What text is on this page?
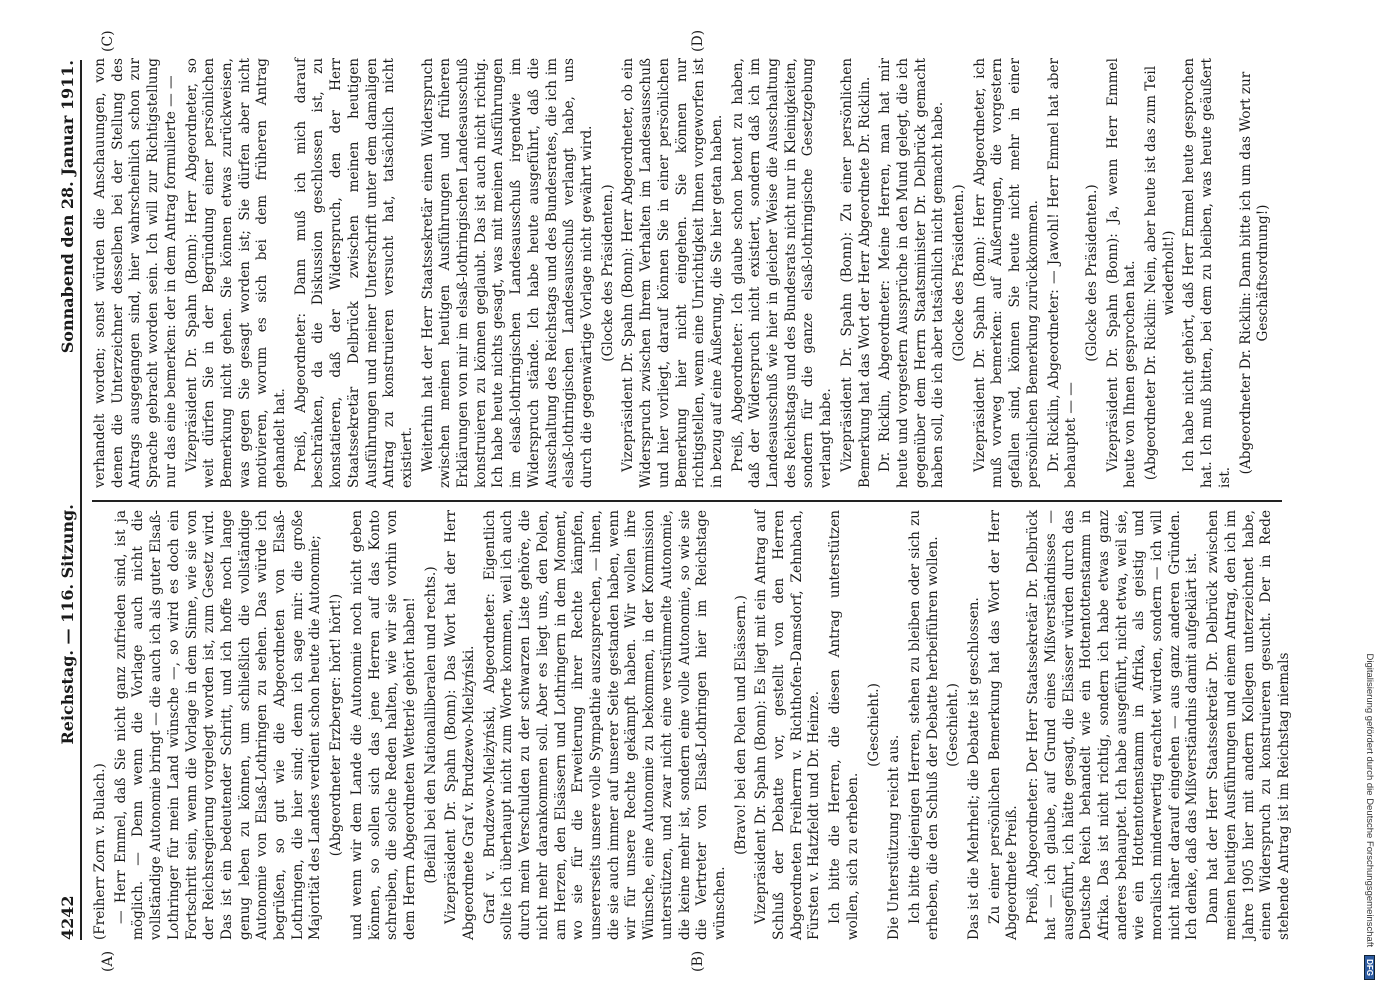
4242
Reichstag. — 116. Sitzung.
Sonnabend den 28. Januar 1911.
(A)	(B)
(C)	(D)

(Freiherr Zorn v. Bulach.) — Herr Emmel, daß Sie nicht ganz zufrieden sind, ist ja möglich. — Denn wenn die Vorlage auch nicht die vollständige Autonomie bringt — die auch ich als guter Elsaß-Lothringer für mein Land wünsche —, so wird es doch ein Fortschritt sein, wenn die Vorlage in dem Sinne, wie sie von der Reichsregierung vorgelegt worden ist, zum Gesetz wird. Das ist ein bedeutender Schritt, und ich hoffe noch lange genug leben zu können, um schließlich die vollständige Autonomie von Elsaß-Lothringen zu sehen. Das würde ich begrüßen, so gut wie die Abgeordneten von Elsaß-Lothringen, die hier sind; denn ich sage mir: die große Majorität des Landes verdient schon heute die Autonomie; (Abgeordneter Erzberger: hört! hört!) und wenn wir dem Lande die Autonomie noch nicht geben können, so sollen sich das jene Herren auf das Konto schreiben, die solche Reden halten, wie wir sie vorhin von dem Herrn Abgeordneten Wetterlé gehört haben! (Beifall bei den Nationalliberalen und rechts.) Vizepräsident Dr. Spahn (Bonn): Das Wort hat der Herr Abgeordnete Graf v. Brudzewo-Mielżyński. Graf v. Brudzewo-Mielżyński, Abgeordneter: Eigentlich sollte ich überhaupt nicht zum Worte kommen, weil ich auch durch mein Verschulden zu der schwarzen Liste gehöre, die nicht mehr darankommen soll. Aber es liegt uns, den Polen, am Herzen, den Elsässern und Lothringern in dem Moment, wo sie für die Erweiterung ihrer Rechte kämpfen, unsererseits unsere volle Sympathie auszusprechen, — ihnen, die sie auch immer auf unserer Seite gestanden haben, wenn wir für unsere Rechte gekämpft haben. Wir wollen ihre Wünsche, eine Autonomie zu bekommen, in der Kommission unterstützen, und zwar nicht eine verstümmelte Autonomie, die keine mehr ist, sondern eine volle Autonomie, so wie sie die Vertreter von Elsaß-Lothringen hier im Reichstage wünschen.

(Bravo! bei den Polen und Elsässern.) Vizepräsident Dr. Spahn (Bonn): Es liegt mit ein Antrag auf Schluß der Debatte vor, gestellt von den Herren Abgeordneten Freiherrn v. Richthofen-Damsdorf, Zehnbach, Fürsten v. Hatzfeldt und Dr. Heinze. Ich bitte die Herren, die diesen Antrag unterstützen wollen, sich zu erheben.

(Geschieht.)

Die Unterstützung reicht aus. Ich bitte diejenigen Herren, stehen zu bleiben oder sich zu erheben, die den Schluß der Debatte herbeiführen wollen. (Geschieht.) Das ist die Mehrheit; die Debatte ist geschlossen. Zu einer persönlichen Bemerkung hat das Wort der Herr Abgeordnete Preiß. Preiß, Abgeordneter: Der Herr Staatssekretär Dr. Delbrück hat — ich glaube, auf Grund eines Mißverständnisses — ausgeführt, ich hätte gesagt, die Elsässer würden durch das Deutsche Reich behandelt wie ein Hottentottenstamm in Afrika. Das ist nicht richtig, sondern ich habe etwas ganz anderes behauptet. Ich habe ausgeführt, nicht etwa, weil sie, wie ein Hottentottenstamm in Afrika, als geistig und moralisch minderwertig erachtet würden, sondern — ich will nicht näher darauf eingehen — aus ganz anderen Gründen. Ich denke, daß das Mißverständnis damit aufgeklärt ist. Dann hat der Herr Staatssekretär Dr. Delbrück zwischen meinen heutigen Ausführungen und einem Antrag, den ich im Jahre 1905 hier mit andern Kollegen unterzeichnet habe, einen Widerspruch zu konstruieren gesucht. Der in Rede stehende Antrag ist im Reichstag niemals

verhandelt worden; sonst würden die Anschauungen, von denen die Unterzeichner desselben bei der Stellung des Antrags ausgegangen sind, hier wahrscheinlich schon zur Sprache gebracht worden sein. Ich will zur Richtigstellung nur das eine bemerken: der in dem Antrag formulierte — — Vizepräsident Dr. Spahn (Bonn): Herr Abgeordneter, so weit dürfen Sie in der Begründung einer persönlichen Bemerkung nicht gehen. Sie können etwas zurückweisen, was gegen Sie gesagt worden ist; Sie dürfen aber nicht motivieren, worum es sich bei dem früheren Antrag gehandelt hat. Preiß, Abgeordneter: Dann muß ich mich darauf beschränken, da die Diskussion geschlossen ist, zu konstatieren, daß der Widerspruch, den der Herr Staatssekretär Delbrück zwischen meinen heutigen Ausführungen und meiner Unterschrift unter dem damaligen Antrag zu konstruieren versucht hat, tatsächlich nicht existiert. Weiterhin hat der Herr Staatssekretär einen Widerspruch zwischen meinen heutigen Ausführungen und früheren Erklärungen von mir im elsaß-lothringischen Landesausschuß konstruieren zu können geglaubt. Das ist auch nicht richtig. Ich habe heute nichts gesagt, was mit meinen Ausführungen im elsaß-lothringischen Landesausschuß irgendwie im Widerspruch stände. Ich habe heute ausgeführt, daß die Ausschaltung des Reichstags und des Bundesrates, die ich im elsaß-lothringischen Landesausschuß verlangt habe, uns durch die gegenwärtige Vorlage nicht gewährt wird. (Glocke des Präsidenten.) Vizepräsident Dr. Spahn (Bonn): Herr Abgeordneter, ob ein Widerspruch zwischen Ihrem Verhalten im Landesausschuß und hier vorliegt, darauf können Sie in einer persönlichen Bemerkung hier nicht eingehen. Sie können nur richtigstellen, wenn eine Unrichtigkeit Ihnen vorgeworfen ist in bezug auf eine Äußerung, die Sie hier getan haben. Preiß, Abgeordneter: Ich glaube schon betont zu haben, daß der Widerspruch nicht existiert, sondern daß ich im Landesausschuß wie hier in gleicher Weise die Ausschaltung des Reichstags und des Bundesrats nicht nur in Kleinigkeiten, sondern für die ganze elsaß-lothringische Gesetzgebung verlangt habe. Vizepräsident Dr. Spahn (Bonn): Zu einer persönlichen Bemerkung hat das Wort der Herr Abgeordnete Dr. Ricklin. Dr. Ricklin, Abgeordneter: Meine Herren, man hat mir heute und vorgestern Aussprüche in den Mund gelegt, die ich gegenüber dem Herrn Staatsminister Dr. Delbrück gemacht haben soll, die ich aber tatsächlich nicht gemacht habe. (Glocke des Präsidenten.) Vizepräsident Dr. Spahn (Bonn): Herr Abgeordneter, ich muß vorweg bemerken: auf Äußerungen, die vorgestern gefallen sind, können Sie heute nicht mehr in einer persönlichen Bemerkung zurückkommen. Dr. Ricklin, Abgeordneter: — Jawohl! Herr Emmel hat aber behauptet — —

(Glocke des Präsidenten.) Vizepräsident Dr. Spahn (Bonn): Ja, wenn Herr Emmel heute von Ihnen gesprochen hat. (Abgeordneter Dr. Ricklin: Nein, aber heute ist das zum Teil wiederholt!) Ich habe nicht gehört, daß Herr Emmel heute gesprochen hat. Ich muß bitten, bei dem zu bleiben, was heute geäußert ist.

(Abgeordneter Dr. Ricklin: Dann bitte ich um das Wort zur Geschäftsordnung!)

Digitalisierung gefördert durch die Deutsche Forschungsgemeinschaft
DFG
